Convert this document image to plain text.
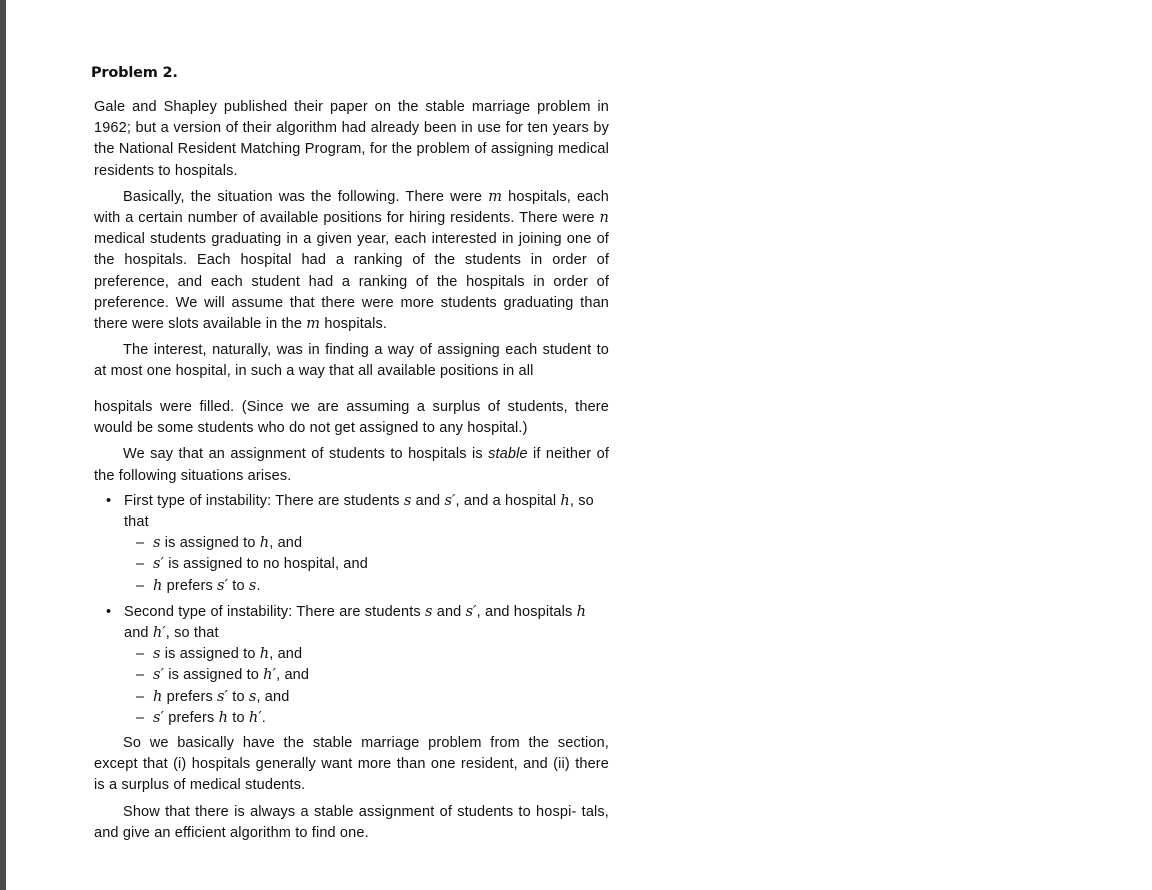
Problem 2.

Gale and Shapley published their paper on the stable marriage problem in 1962; but a version of their algorithm had already been in use for ten years by the National Resident Matching Program, for the problem of assigning medical residents to hospitals.

Basically, the situation was the following. There were m hospitals, each with a certain number of available positions for hiring residents. There were n medical students graduating in a given year, each interested in joining one of the hospitals. Each hospital had a ranking of the students in order of preference, and each student had a ranking of the hospitals in order of preference. We will assume that there were more students graduating than there were slots available in the m hospitals.

The interest, naturally, was in finding a way of assigning each student to at most one hospital, in such a way that all available positions in all

hospitals were filled. (Since we are assuming a surplus of students, there would be some students who do not get assigned to any hospital.)

We say that an assignment of students to hospitals is stable if neither of the following situations arises.

• First type of instability: There are students s and s′, and a hospital h, so that
– s is assigned to h, and
– s′ is assigned to no hospital, and
– h prefers s′ to s.
• Second type of instability: There are students s and s′, and hospitals h and h′, so that
– s is assigned to h, and
– s′ is assigned to h′, and
– h prefers s′ to s, and
– s′ prefers h to h′.

So we basically have the stable marriage problem from the section, except that (i) hospitals generally want more than one resident, and (ii) there is a surplus of medical students.

Show that there is always a stable assignment of students to hospi- tals, and give an efficient algorithm to find one.
